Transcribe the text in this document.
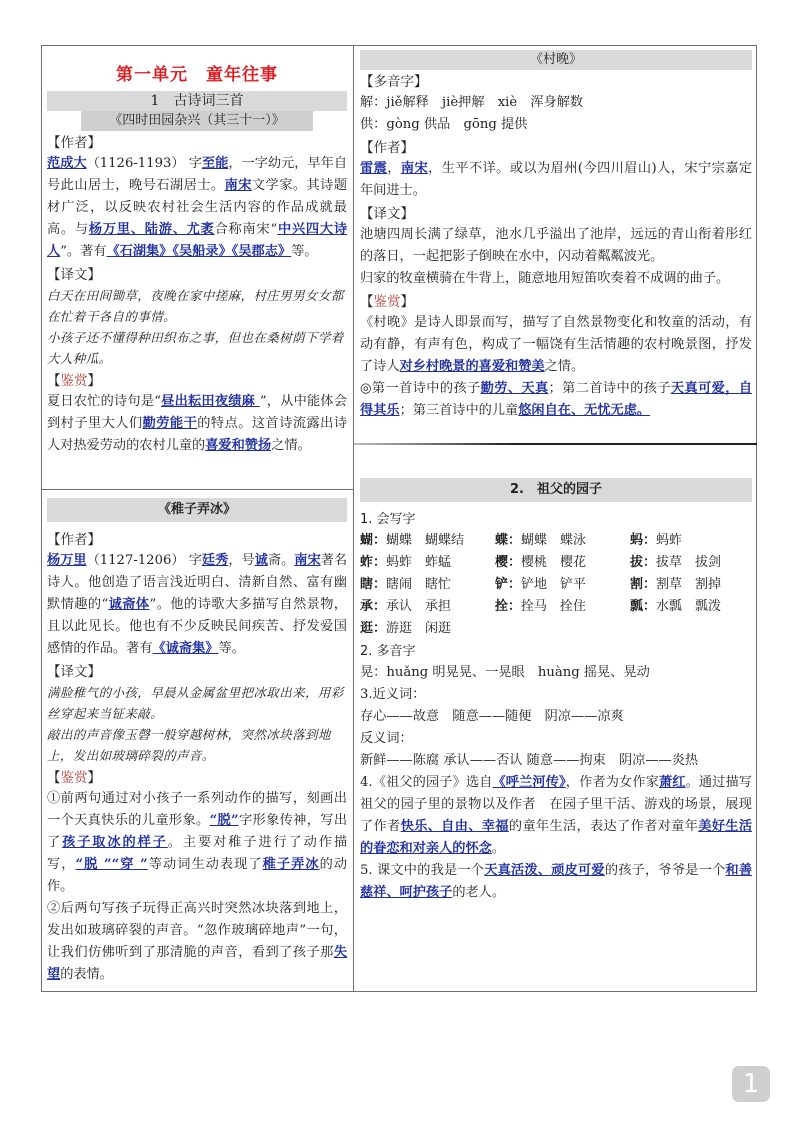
第一单元　童年往事
1　古诗词三首
《四时田园杂兴（其三十一）》
【作者】

范成大（1126-1193） 字至能，一字幼元，早年自号此山居士，晚号石湖居士。南宋文学家。其诗题材广泛，以反映农村社会生活内容的作品成就最高。与杨万里、陆游、尤袤合称南宋“中兴四大诗人”。著有《石湖集》《吴船录》《吴郡志》等。

【译文】

白天在田间锄草，夜晚在家中搓麻，村庄男男女女都在忙着干各自的事情。

小孩子还不懂得种田织布之事，但也在桑树荫下学着大人种瓜。

【鉴赏】

夏日农忙的诗句是“昼出耘田夜绩麻 ”，从中能体会到村子里大人们勤劳能干的特点。这首诗流露出诗人对热爱劳动的农村儿童的喜爱和赞扬之情。

《稚子弄冰》
【作者】

杨万里（1127-1206） 字廷秀，号诚斋。南宋著名诗人。他创造了语言浅近明白、清新自然、富有幽默情趣的“诚斋体”。他的诗歌大多描写自然景物，且以此见长。他也有不少反映民间疾苦、抒发爱国感情的作品。著有《诚斋集》等。

【译文】

满脸稚气的小孩，早晨从金属盆里把冰取出来，用彩丝穿起来当钲来敲。

敲出的声音像玉磬一般穿越树林，突然冰块落到地上，发出如玻璃碎裂的声音。

【鉴赏】

①前两句通过对小孩子一系列动作的描写，刻画出一个天真快乐的儿童形象。“脱”字形象传神，写出了孩子取冰的样子。主要对稚子进行了动作描写，“脱 ”“穿 ”等动词生动表现了稚子弄冰的动作。

②后两句写孩子玩得正高兴时突然冰块落到地上，发出如玻璃碎裂的声音。“忽作玻璃碎地声”一句，让我们仿佛听到了那清脆的声音，看到了孩子那失望的表情。

《村晚》
【多音字】

解：jiě解释　jiè押解　xiè　浑身解数

供：gòng 供品　gōng 提供

【作者】

雷震，南宋，生平不详。或以为眉州(今四川眉山)人，宋宁宗嘉定年间进士。

【译文】

池塘四周长满了绿草，池水几乎溢出了池岸，远远的青山衔着彤红的落日，一起把影子倒映在水中，闪动着粼粼波光。

归家的牧童横骑在牛背上，随意地用短笛吹奏着不成调的曲子。

【鉴赏】

《村晚》是诗人即景而写，描写了自然景物变化和牧童的活动，有动有静，有声有色，构成了一幅饶有生活情趣的农村晚景图，抒发了诗人对乡村晚景的喜爱和赞美之情。

◎第一首诗中的孩子勤劳、天真；第二首诗中的孩子天真可爱，自得其乐；第三首诗中的儿童悠闲自在、无忧无虑。

2.　祖父的园子
1. 会写字
蝴：蝴蝶　蝴蝶结	蝶：蝴蝶　蝶泳	蚂：蚂蚱
蚱：蚂蚱　蚱蜢	樱：樱桃　樱花	拔：拔草　拔剑
瞎：瞎闹　瞎忙	铲：铲地　铲平	割：割草　割掉
承：承认　承担	拴：拴马　拴住	瓢：水瓢　瓢泼
逛：游逛　闲逛
2. 多音字

晃：huǎng 明晃晃、一晃眼　huàng 摇晃、晃动

3.近义词：

存心——故意　随意——随便　阴凉——凉爽

反义词：

新鲜——陈腐 承认——否认 随意——拘束　阴凉——炎热

4.《祖父的园子》选自《呼兰河传》，作者为女作家萧红。通过描写祖父的园子里的景物以及作者　在园子里干活、游戏的场景，展现了作者快乐、自由、幸福的童年生活，表达了作者对童年美好生活的眷恋和对亲人的怀念。

5. 课文中的我是一个天真活泼、顽皮可爱的孩子，爷爷是一个和善慈祥、呵护孩子的老人。

1
